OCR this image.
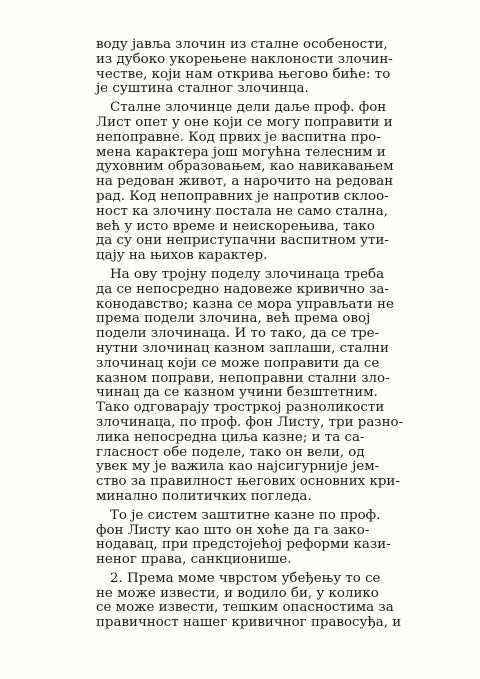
воду јавља злочин из сталне особености,
из дубоко укорењене наклоности злочин-
честве, који нам открива његово биће: то
је суштина сталног злочинца.
Сталне злочинце дели даље проф. фон
Лист опет у оне који се могу поправити и
непоправне. Код првих је васпитна про-
мена карактера још могућна телесним и
духовним образовањем, као навикавањем
на редован живот, а нарочито на редован
рад. Код непоправних је напротив склоо-
ност ка злочину постала не само стална,
већ у исто време и неискорењива, тако
да су они неприступачни васпитном ути-
цају на њихов карактер.
На ову тројну поделу злочинаца треба
да се непосредно надовеже кривично за-
конодавство; казна се мора управљати не
према подели злочина, већ према овој
подели злочинаца. И то тако, да се тре-
нутни злочинац казном заплаши, стални
злочинац који се може поправити да се
казном поправи, непоправни стални зло-
чинац да се казном учини безштетним.
Тако одговарају тростркој разноликости
злочинаца, по проф. фон Листу, три разно-
лика непосредна циља казне; и та са-
гласност обе поделе, тако он вели, од
увек му је важила као најсигурније јем-
ство за правилност његових основних кри-
минално политичких погледа.
То је систем заштитне казне по проф.
фон Листу као што он хоће да га зако-
нодавац, при предстојећој реформи кази-
неног права, санкционише.
2. Према моме чврстом убеђењу то се
не може извести, и водило би, у колико
се може извести, тешким опасностима за
правичност нашег кривичног правосуђа, и
